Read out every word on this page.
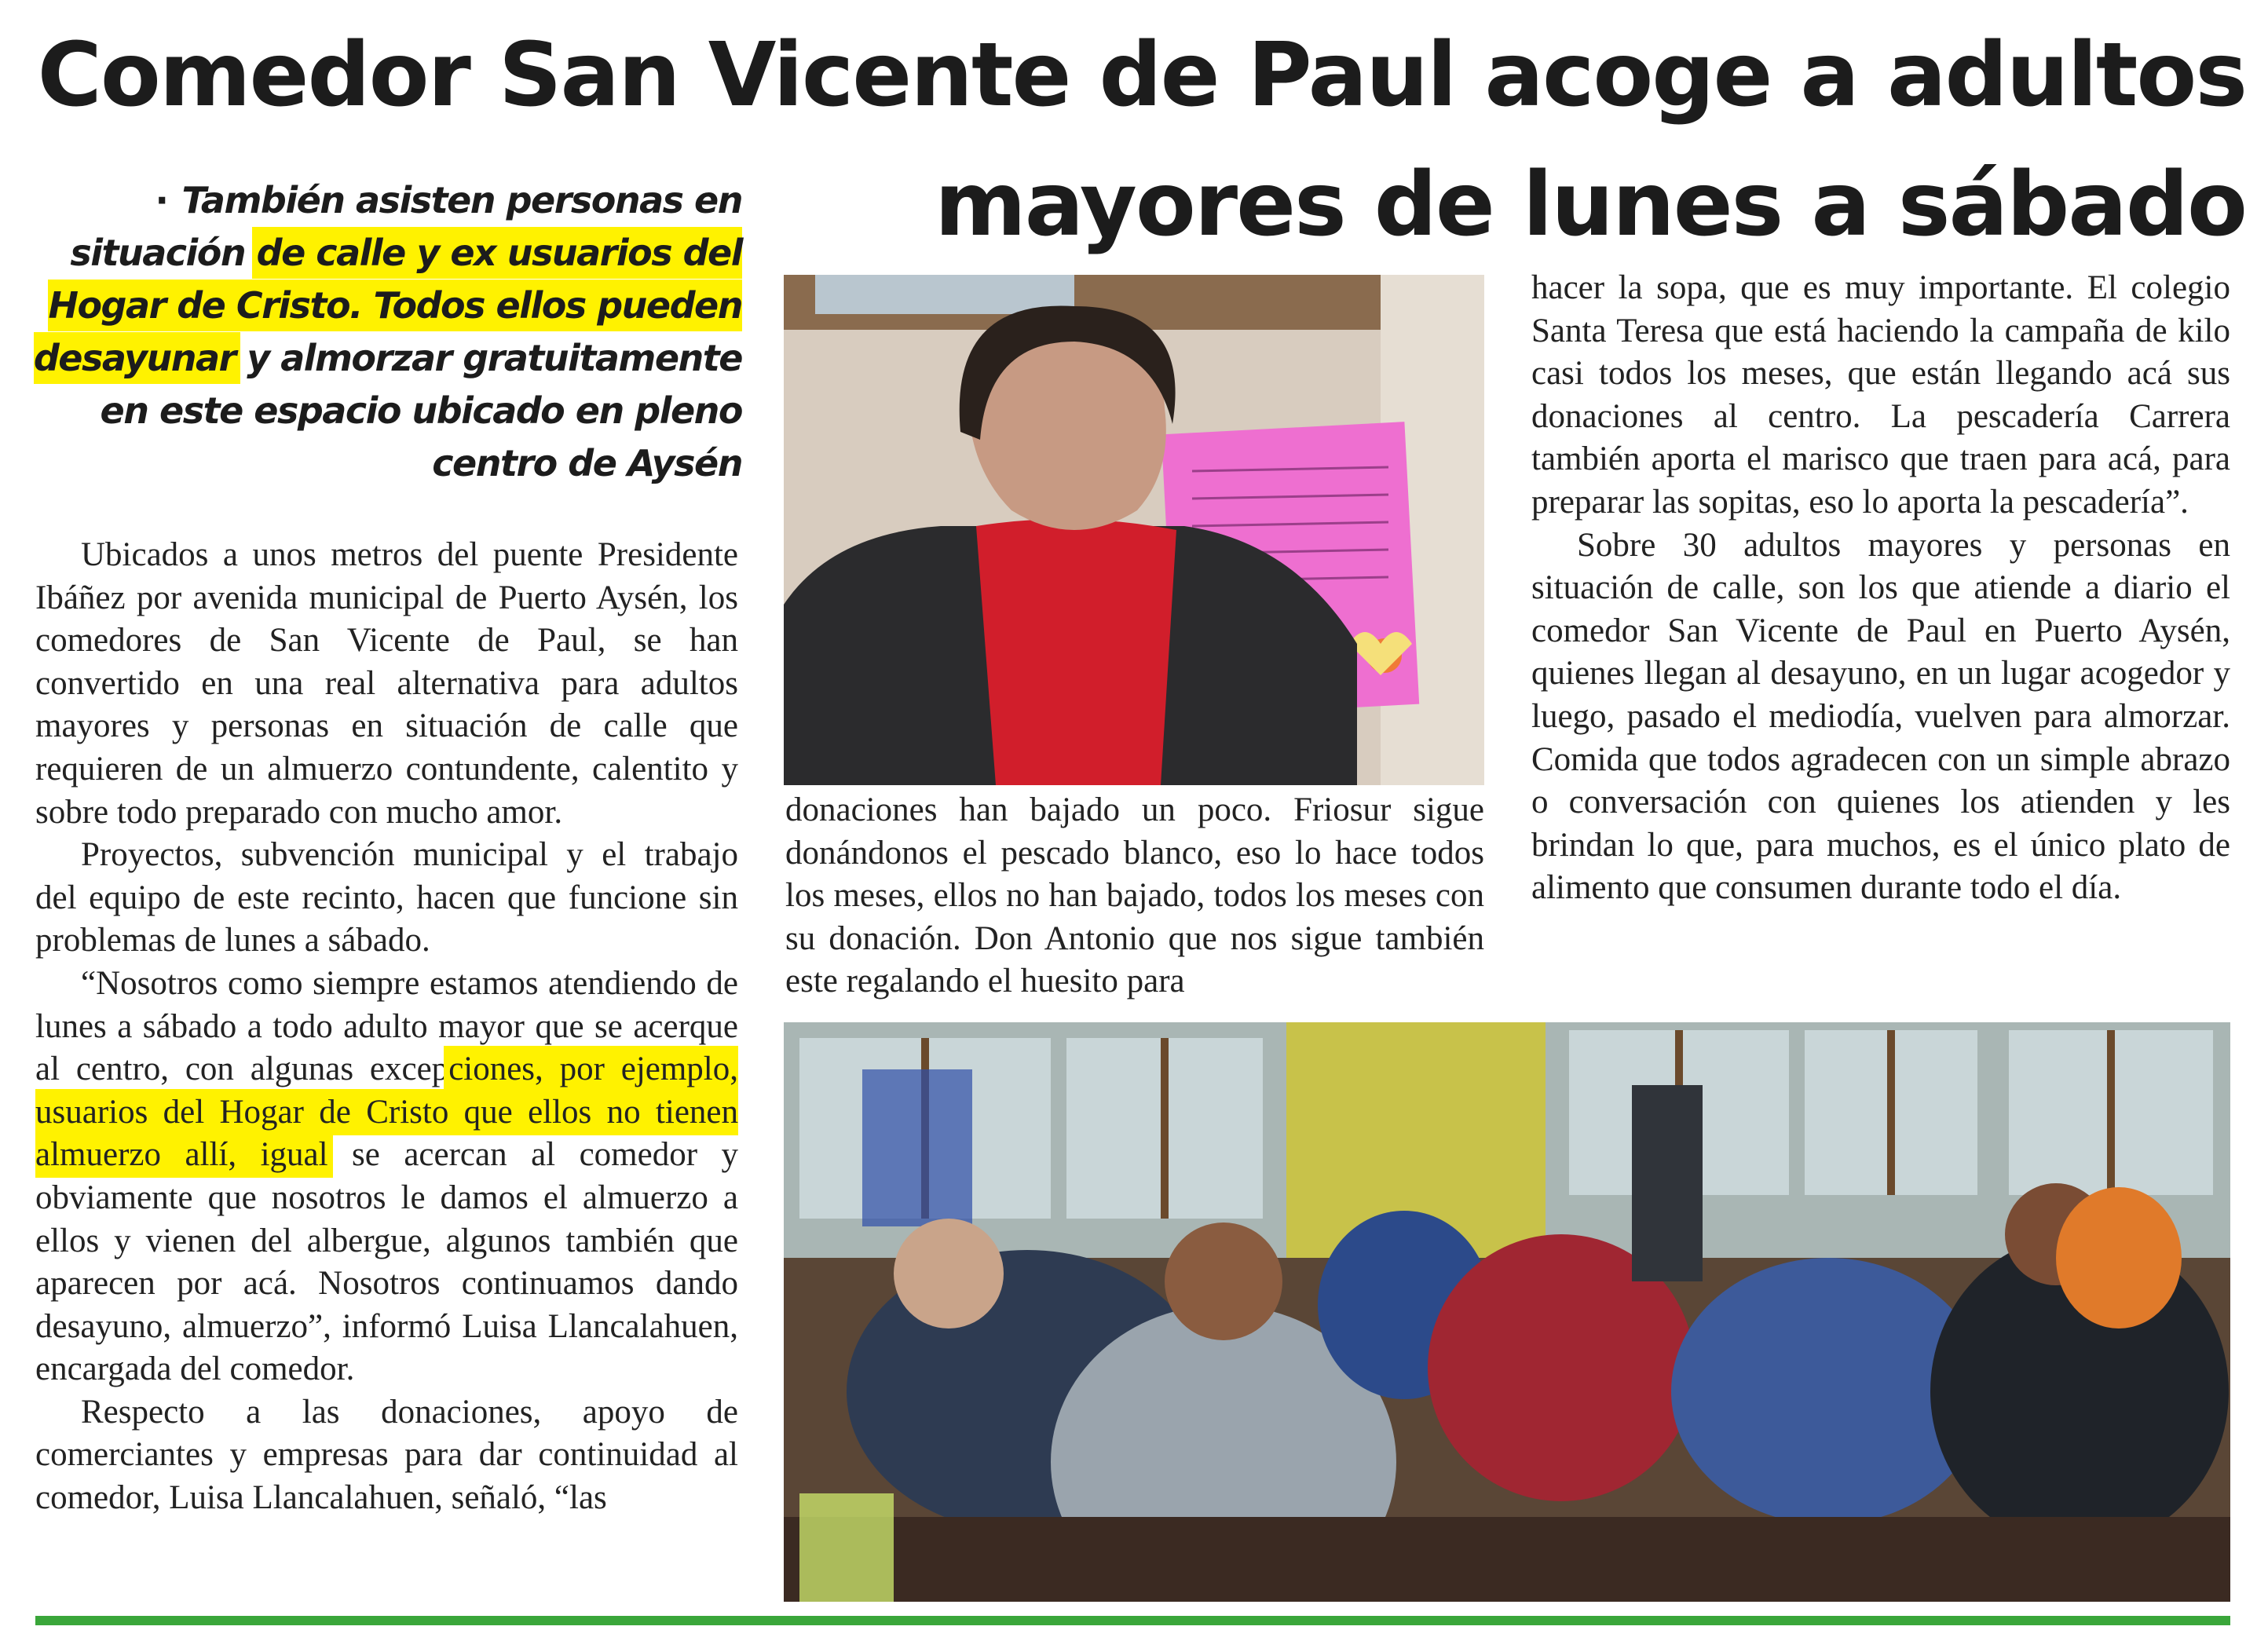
Comedor San Vicente de Paul acoge a adultos
mayores de lunes a sábado

· También asisten personas en situación de calle y ex usuarios del Hogar de Cristo. Todos ellos pueden desayunar y almorzar gratuitamente en este espacio ubicado en pleno centro de Aysén

Ubicados a unos metros del puente Presidente Ibáñez por avenida municipal de Puerto Aysén, los comedores de San Vicente de Paul, se han convertido en una real alternativa para adultos mayores y personas en situación de calle que requieren de un almuerzo contundente, calentito y sobre todo preparado con mucho amor.

Proyectos, subvención municipal y el trabajo del equipo de este recinto, hacen que funcione sin problemas de lunes a sábado.

“Nosotros como siempre estamos atendiendo de lunes a sábado a todo adulto mayor que se acerque al centro, con algunas excepciones, por ejemplo, usuarios del Hogar de Cristo que ellos no tienen almuerzo allí, igual se acercan al comedor y obviamente que nosotros le damos el almuerzo a ellos y vienen del albergue, algunos también que aparecen por acá. Nosotros continuamos dando desayuno, almuerzo”, informó Luisa Llancalahuen, encargada del comedor.

Respecto a las donaciones, apoyo de comerciantes y empresas para dar continuidad al comedor, Luisa Llancalahuen, señaló, “las

donaciones han bajado un poco. Friosur sigue donándonos el pescado blanco, eso lo hace todos los meses, ellos no han bajado, todos los meses con su donación. Don Antonio que nos sigue también este regalando el huesito para

hacer la sopa, que es muy importante. El colegio Santa Teresa que está haciendo la campaña de kilo casi todos los meses, que están llegando acá sus donaciones al centro. La pescadería Carrera también aporta el marisco que traen para acá, para preparar las sopitas, eso lo aporta la pescadería”.

Sobre 30 adultos mayores y personas en situación de calle, son los que atiende a diario el comedor San Vicente de Paul en Puerto Aysén, quienes llegan al desayuno, en un lugar acogedor y luego, pasado el mediodía, vuelven para almorzar. Comida que todos agradecen con un simple abrazo o conversación con quienes los atienden y les brindan lo que, para muchos, es el único plato de alimento que consumen durante todo el día.
